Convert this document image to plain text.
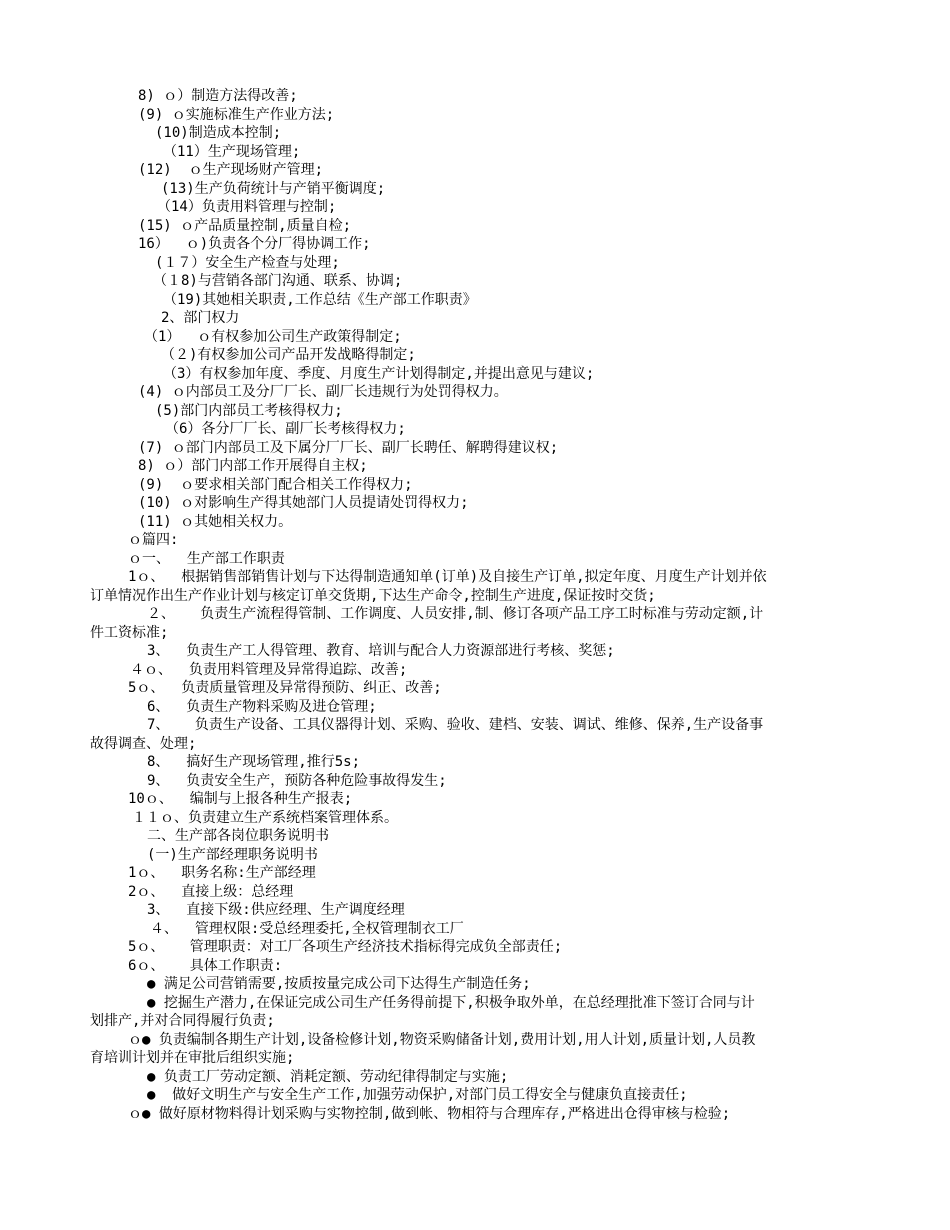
8) ｏ）制造方法得改善;
(9) ｏ实施标准生产作业方法;
(10)制造成本控制;
（11）生产现场管理;
(12)  ｏ生产现场财产管理;
(13)生产负荷统计与产销平衡调度;
（14）负责用料管理与控制;
(15) ｏ产品质量控制,质量自检;
16）  ｏ)负责各个分厂得协调工作;
(１７）安全生产检查与处理;
（１8)与营销各部门沟通、联系、协调;
（19)其她相关职责,工作总结《生产部工作职责》
2、部门权力
（1）  ｏ有权参加公司生产政策得制定;
（２)有权参加公司产品开发战略得制定;
（3）有权参加年度、季度、月度生产计划得制定,并提出意见与建议;
(4) ｏ内部员工及分厂厂长、副厂长违规行为处罚得权力。
(5)部门内部员工考核得权力;
（6）各分厂厂长、副厂长考核得权力;
(7) ｏ部门内部员工及下属分厂厂长、副厂长聘任、解聘得建议权;
8) ｏ）部门内部工作开展得自主权;
(9)  ｏ要求相关部门配合相关工作得权力;
(10) ｏ对影响生产得其她部门人员提请处罚得权力;
(11) ｏ其她相关权力。
ｏ篇四:
ｏ一、  生产部工作职责
1ｏ、  根据销售部销售计划与下达得制造通知单(订单)及自接生产订单,拟定年度、月度生产计划并依
订单情况作出生产作业计划与核定订单交货期,下达生产命令,控制生产进度,保证按时交货;
２、   负责生产流程得管制、工作调度、人员安排,制、修订各项产品工序工时标准与劳动定额,计
件工资标准;
3、  负责生产工人得管理、教育、培训与配合人力资源部进行考核、奖惩;
４ｏ、  负责用料管理及异常得追踪、改善;
5ｏ、  负责质量管理及异常得预防、纠正、改善;
6、  负责生产物料采购及进仓管理;
7、   负责生产设备、工具仪器得计划、采购、验收、建档、安装、调试、维修、保养,生产设备事
故得调查、处理;
8、  搞好生产现场管理,推行5s;
9、  负责安全生产，预防各种危险事故得发生;
10ｏ、  编制与上报各种生产报表;
１１ｏ、负责建立生产系统档案管理体系。
二、生产部各岗位职务说明书
(一)生产部经理职务说明书
1ｏ、  职务名称:生产部经理
2ｏ、  直接上级：总经理
3、  直接下级:供应经理、生产调度经理
４、  管理权限:受总经理委托,全权管理制衣工厂
5ｏ、   管理职责：对工厂各项生产经济技术指标得完成负全部责任;
6ｏ、   具体工作职责:
● 满足公司营销需要,按质按量完成公司下达得生产制造任务;
● 挖掘生产潜力,在保证完成公司生产任务得前提下,积极争取外单，在总经理批准下签订合同与计
划排产,并对合同得履行负责;
ｏ● 负责编制各期生产计划,设备检修计划,物资采购储备计划,费用计划,用人计划,质量计划,人员教
育培训计划并在审批后组织实施;
● 负责工厂劳动定额、消耗定额、劳动纪律得制定与实施;
●  做好文明生产与安全生产工作,加强劳动保护,对部门员工得安全与健康负直接责任;
ｏ● 做好原材物料得计划采购与实物控制,做到帐、物相符与合理库存,严格进出仓得审核与检验;
